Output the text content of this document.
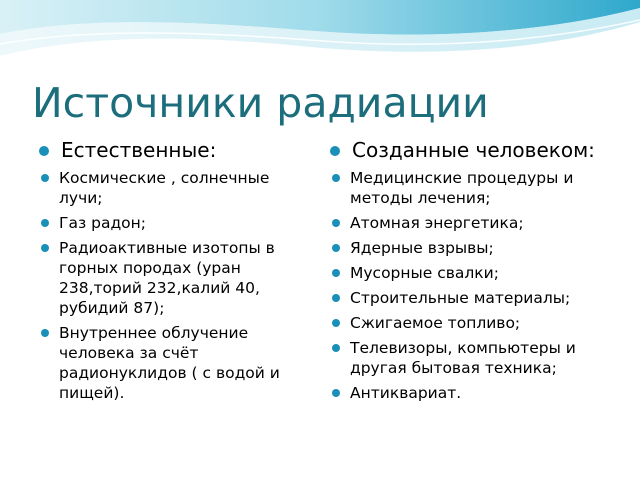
Источники радиации
Естественные:
Космические , солнечные лучи;
Газ радон;
Радиоактивные изотопы в горных породах (уран 238,торий 232,калий 40, рубидий 87);
Внутреннее облучение человека за счёт радионуклидов ( с водой и пищей).
Созданные человеком:
Медицинские процедуры и методы лечения;
Атомная энергетика;
Ядерные взрывы;
Мусорные свалки;
Строительные материалы;
Сжигаемое топливо;
Телевизоры, компьютеры и другая бытовая техника;
Антиквариат.
